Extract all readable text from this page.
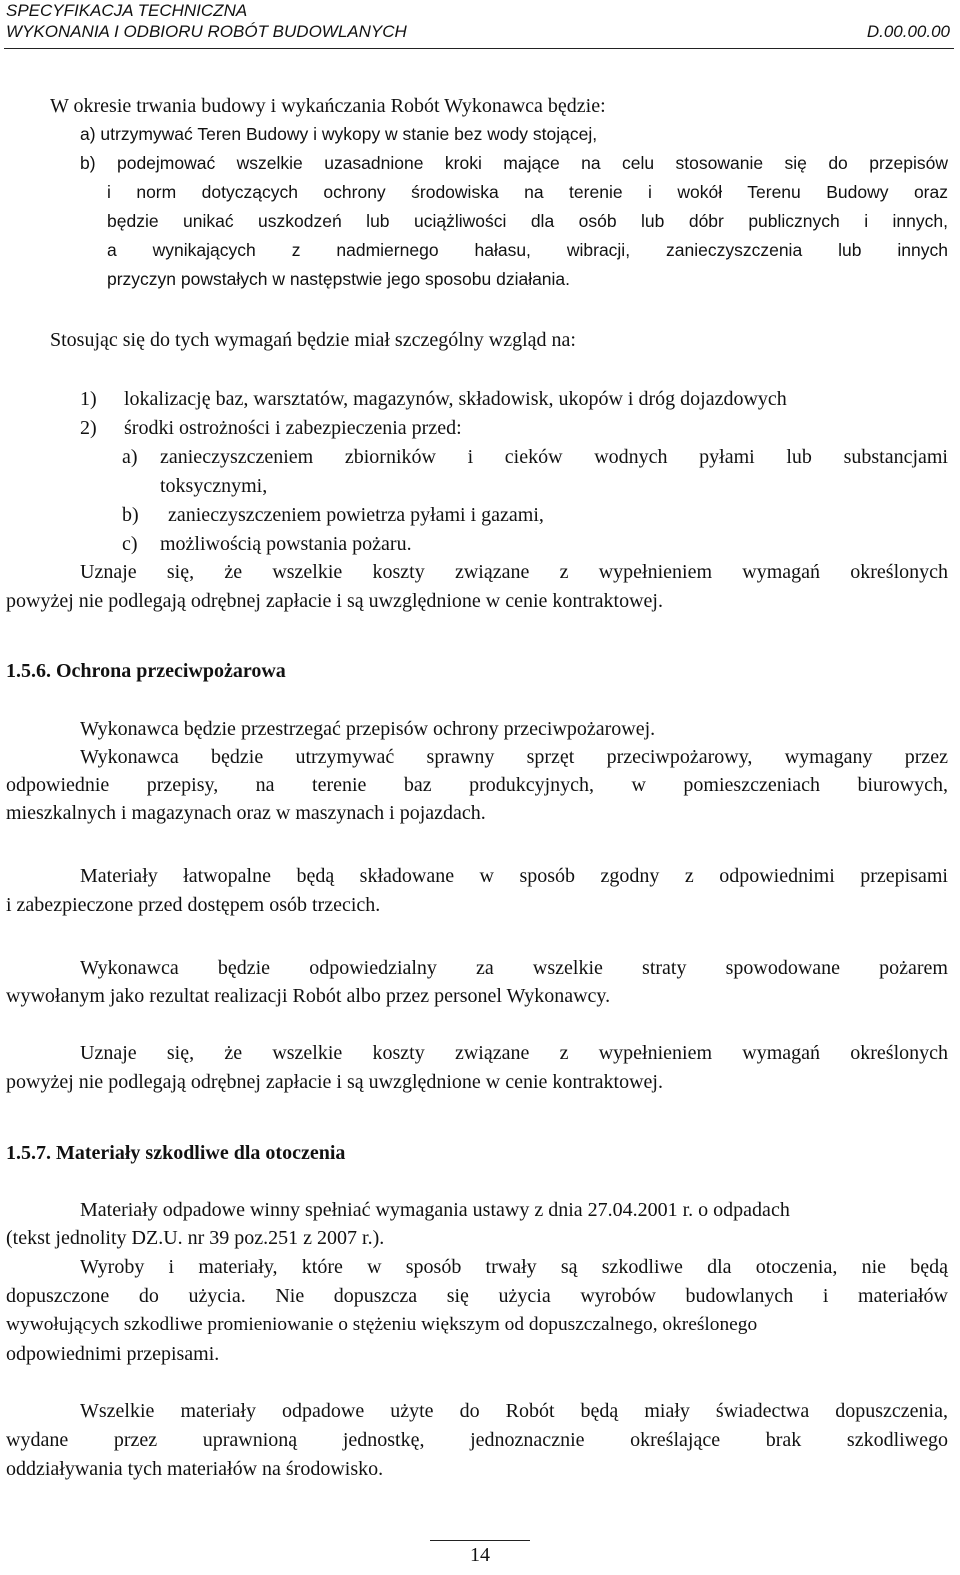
SPECYFIKACJA TECHNICZNA
WYKONANIA I ODBIORU ROBÓT BUDOWLANYCH	D.00.00.00
W okresie trwania budowy i wykańczania Robót Wykonawca będzie:
a) utrzymywać Teren Budowy i wykopy w stanie bez wody stojącej,
b) podejmować wszelkie uzasadnione kroki mające na celu stosowanie się do przepisów
i norm dotyczących ochrony środowiska na terenie i wokół Terenu Budowy oraz
będzie unikać uszkodzeń lub uciążliwości dla osób lub dóbr publicznych i innych,
a wynikających z nadmiernego hałasu, wibracji, zanieczyszczenia lub innych
przyczyn powstałych w następstwie jego sposobu działania.
Stosując się do tych wymagań będzie miał szczególny wzgląd na:
1) lokalizację baz, warsztatów, magazynów, składowisk, ukopów i dróg dojazdowych
2) środki ostrożności i zabezpieczenia przed:
a) zanieczyszczeniem zbiorników i cieków wodnych pyłami lub substancjami
toksycznymi,
b) zanieczyszczeniem powietrza pyłami i gazami,
c) możliwością powstania pożaru.
Uznaje się, że wszelkie koszty związane z wypełnieniem wymagań określonych
powyżej nie podlegają odrębnej zapłacie i są uwzględnione w cenie kontraktowej.
1.5.6. Ochrona przeciwpożarowa
Wykonawca będzie przestrzegać przepisów ochrony przeciwpożarowej.
Wykonawca będzie utrzymywać sprawny sprzęt przeciwpożarowy, wymagany przez
odpowiednie przepisy, na terenie baz produkcyjnych, w pomieszczeniach biurowych,
mieszkalnych i magazynach oraz w maszynach i pojazdach.
Materiały łatwopalne będą składowane w sposób zgodny z odpowiednimi przepisami
i zabezpieczone przed dostępem osób trzecich.
Wykonawca będzie odpowiedzialny za wszelkie straty spowodowane pożarem
wywołanym jako rezultat realizacji Robót albo przez personel Wykonawcy.
Uznaje się, że wszelkie koszty związane z wypełnieniem wymagań określonych
powyżej nie podlegają odrębnej zapłacie i są uwzględnione w cenie kontraktowej.
1.5.7. Materiały szkodliwe dla otoczenia
Materiały odpadowe winny spełniać wymagania ustawy z dnia 27.04.2001 r. o odpadach
(tekst jednolity DZ.U. nr 39 poz.251 z 2007 r.).
Wyroby i materiały, które w sposób trwały są szkodliwe dla otoczenia, nie będą
dopuszczone do użycia. Nie dopuszcza się użycia wyrobów budowlanych i materiałów
wywołujących szkodliwe promieniowanie o stężeniu większym od dopuszczalnego, określonego
odpowiednimi przepisami.
Wszelkie materiały odpadowe użyte do Robót będą miały świadectwa dopuszczenia,
wydane przez uprawnioną jednostkę, jednoznacznie określające brak szkodliwego
oddziaływania tych materiałów na środowisko.
14
